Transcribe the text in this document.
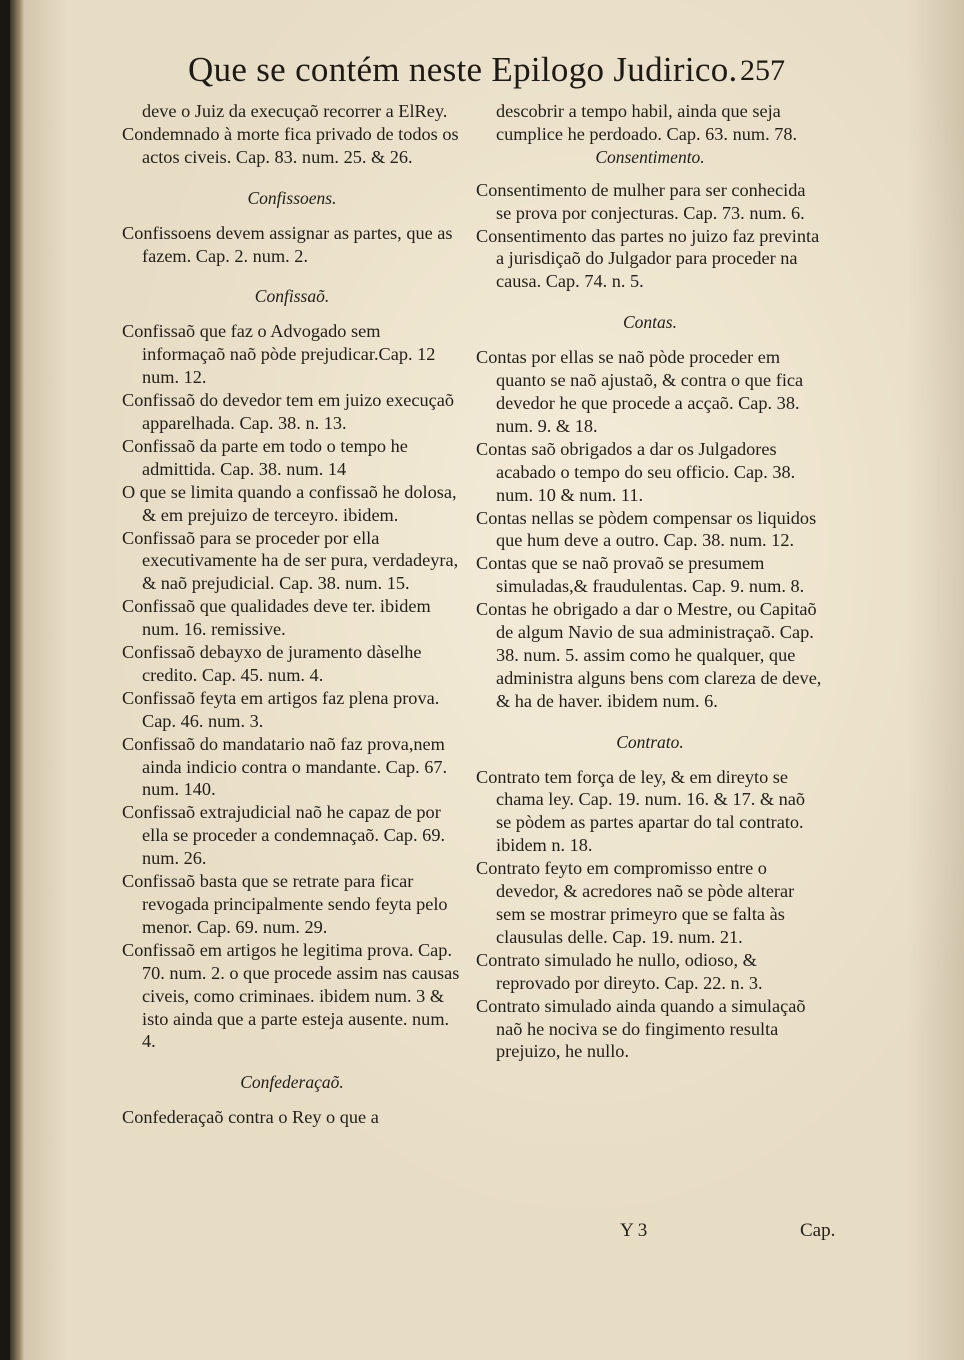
Que se contém neste Epilogo Judirico. 257

deve o Juiz da execuçaõ recorrer a ElRey.

Condemnado à morte fica privado de todos os actos civeis. Cap. 83. num. 25. & 26.

Confissoens.

Confissoens devem assignar as partes, que as fazem. Cap. 2. num. 2.

Confissaõ.

Confissaõ que faz o Advogado sem informaçaõ naõ pòde prejudicar.Cap. 12 num. 12.

Confissaõ do devedor tem em juizo execuçaõ apparelhada. Cap. 38. n. 13.

Confissaõ da parte em todo o tempo he admittida. Cap. 38. num. 14

O que se limita quando a confissaõ he dolosa, & em prejuizo de terceyro. ibidem.

Confissaõ para se proceder por ella executivamente ha de ser pura, verdadeyra, & naõ prejudicial. Cap. 38. num. 15.

Confissaõ que qualidades deve ter. ibidem num. 16. remissive.

Confissaõ debayxo de juramento dàselhe credito. Cap. 45. num. 4.

Confissaõ feyta em artigos faz plena prova. Cap. 46. num. 3.

Confissaõ do mandatario naõ faz prova,nem ainda indicio contra o mandante. Cap. 67. num. 140.

Confissaõ extrajudicial naõ he capaz de por ella se proceder a condemnaçaõ. Cap. 69. num. 26.

Confissaõ basta que se retrate para ficar revogada principalmente sendo feyta pelo menor. Cap. 69. num. 29.

Confissaõ em artigos he legitima prova. Cap. 70. num. 2. o que procede assim nas causas civeis, como criminaes. ibidem num. 3 & isto ainda que a parte esteja ausente. num. 4.

Confederaçaõ.

Confederaçaõ contra o Rey o que a

descobrir a tempo habil, ainda que seja cumplice he perdoado. Cap. 63. num. 78.

Consentimento.

Consentimento de mulher para ser conhecida se prova por conjecturas. Cap. 73. num. 6.

Consentimento das partes no juizo faz previnta a jurisdiçaõ do Julgador para proceder na causa. Cap. 74. n. 5.

Contas.

Contas por ellas se naõ pòde proceder em quanto se naõ ajustaõ, & contra o que fica devedor he que procede a acçaõ. Cap. 38. num. 9. & 18.

Contas saõ obrigados a dar os Julgadores acabado o tempo do seu officio. Cap. 38. num. 10 & num. 11.

Contas nellas se pòdem compensar os liquidos que hum deve a outro. Cap. 38. num. 12.

Contas que se naõ provaõ se presumem simuladas,& fraudulentas. Cap. 9. num. 8.

Contas he obrigado a dar o Mestre, ou Capitaõ de algum Navio de sua administraçaõ. Cap. 38. num. 5. assim como he qualquer, que administra alguns bens com clareza de deve, & ha de haver. ibidem num. 6.

Contrato.

Contrato tem força de ley, & em direyto se chama ley. Cap. 19. num. 16. & 17. & naõ se pòdem as partes apartar do tal contrato. ibidem n. 18.

Contrato feyto em compromisso entre o devedor, & acredores naõ se pòde alterar sem se mostrar primeyro que se falta às clausulas delle. Cap. 19. num. 21.

Contrato simulado he nullo, odioso, & reprovado por direyto. Cap. 22. n. 3.

Contrato simulado ainda quando a simulaçaõ naõ he nociva se do fingimento resulta prejuizo, he nullo.

Y 3	Cap.
